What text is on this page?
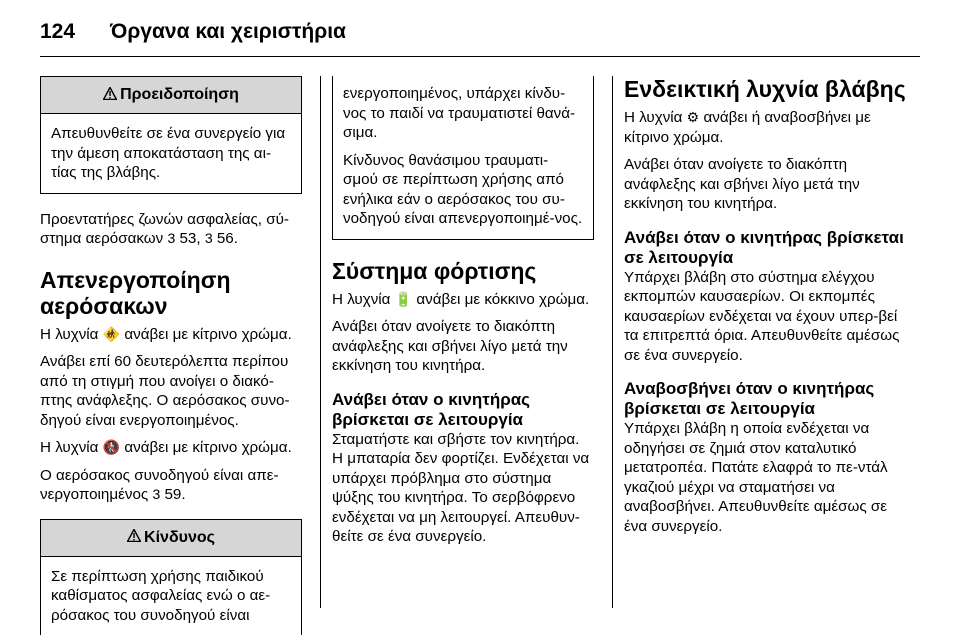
124	Όργανα και χειριστήρια
Προειδοποίηση

Απευθυνθείτε σε ένα συνεργείο για την άμεση αποκατάσταση της αι-τίας της βλάβης.

Προεντατήρες ζωνών ασφαλείας, σύ-στημα αερόσακων 3 53, 3 56.

Απενεργοποίηση αερόσακων

Η λυχνία 🚸 ανάβει με κίτρινο χρώμα.

Ανάβει επί 60 δευτερόλεπτα περίπου από τη στιγμή που ανοίγει ο διακό-πτης ανάφλεξης. Ο αερόσακος συνο-δηγού είναι ενεργοποιημένος.

Η λυχνία 🚷 ανάβει με κίτρινο χρώμα.

Ο αερόσακος συνοδηγού είναι απε-νεργοποιημένος 3 59.

Κίνδυνος

Σε περίπτωση χρήσης παιδικού καθίσματος ασφαλείας ενώ ο αε-ρόσακος του συνοδηγού είναι

ενεργοποιημένος, υπάρχει κίνδυ-νος το παιδί να τραυματιστεί θανά-σιμα.

Κίνδυνος θανάσιμου τραυματι-σμού σε περίπτωση χρήσης από ενήλικα εάν ο αερόσακος του συ-νοδηγού είναι απενεργοποιημέ-νος.

Σύστημα φόρτισης

Η λυχνία 🔋 ανάβει με κόκκινο χρώμα.

Ανάβει όταν ανοίγετε το διακόπτη ανάφλεξης και σβήνει λίγο μετά την εκκίνηση του κινητήρα.

Ανάβει όταν ο κινητήρας βρίσκεται σε λειτουργία

Σταματήστε και σβήστε τον κινητήρα. Η μπαταρία δεν φορτίζει. Ενδέχεται να υπάρχει πρόβλημα στο σύστημα ψύξης του κινητήρα. Το σερβόφρενο ενδέχεται να μη λειτουργεί. Απευθυν-θείτε σε ένα συνεργείο.

Ενδεικτική λυχνία βλάβης

Η λυχνία ⚙ ανάβει ή αναβοσβήνει με κίτρινο χρώμα.

Ανάβει όταν ανοίγετε το διακόπτη ανάφλεξης και σβήνει λίγο μετά την εκκίνηση του κινητήρα.

Ανάβει όταν ο κινητήρας βρίσκεται σε λειτουργία

Υπάρχει βλάβη στο σύστημα ελέγχου εκπομπών καυσαερίων. Οι εκπομπές καυσαερίων ενδέχεται να έχουν υπερ-βεί τα επιτρεπτά όρια. Απευθυνθείτε αμέσως σε ένα συνεργείο.

Αναβοσβήνει όταν ο κινητήρας βρίσκεται σε λειτουργία

Υπάρχει βλάβη η οποία ενδέχεται να οδηγήσει σε ζημιά στον καταλυτικό μετατροπέα. Πατάτε ελαφρά το πε-ντάλ γκαζιού μέχρι να σταματήσει να αναβοσβήνει. Απευθυνθείτε αμέσως σε ένα συνεργείο.
